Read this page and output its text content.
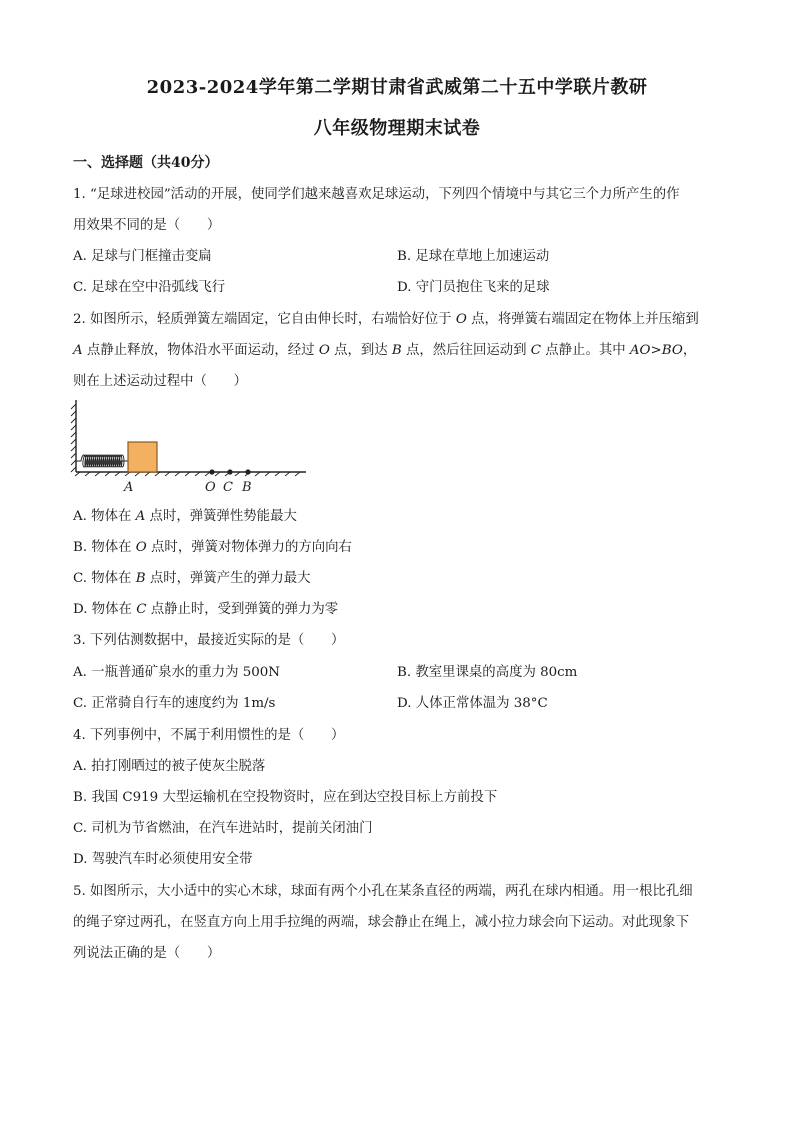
2023-2024学年第二学期甘肃省武威第二十五中学联片教研
八年级物理期末试卷
一、选择题（共40分）
1. “足球进校园”活动的开展，使同学们越来越喜欢足球运动，下列四个情境中与其它三个力所产生的作
用效果不同的是（　　）
A. 足球与门框撞击变扁	B. 足球在草地上加速运动
C. 足球在空中沿弧线飞行	D. 守门员抱住飞来的足球
2. 如图所示，轻质弹簧左端固定，它自由伸长时，右端恰好位于 O 点，将弹簧右端固定在物体上并压缩到
A 点静止释放，物体沿水平面运动，经过 O 点，到达 B 点，然后往回运动到 C 点静止。其中 AO>BO，
则在上述运动过程中（　　）
A	O C B
A. 物体在 A 点时，弹簧弹性势能最大
B. 物体在 O 点时，弹簧对物体弹力的方向向右
C. 物体在 B 点时，弹簧产生的弹力最大
D. 物体在 C 点静止时，受到弹簧的弹力为零
3. 下列估测数据中，最接近实际的是（　　）
A. 一瓶普通矿泉水的重力为 500N	B. 教室里课桌的高度为 80cm
C. 正常骑自行车的速度约为 1m/s	D. 人体正常体温为 38°C
4. 下列事例中，不属于利用惯性的是（　　）
A. 拍打刚晒过的被子使灰尘脱落
B. 我国 C919 大型运输机在空投物资时，应在到达空投目标上方前投下
C. 司机为节省燃油，在汽车进站时，提前关闭油门
D. 驾驶汽车时必须使用安全带
5. 如图所示，大小适中的实心木球，球面有两个小孔在某条直径的两端，两孔在球内相通。用一根比孔细
的绳子穿过两孔，在竖直方向上用手拉绳的两端，球会静止在绳上，减小拉力球会向下运动。对此现象下
列说法正确的是（　　）
